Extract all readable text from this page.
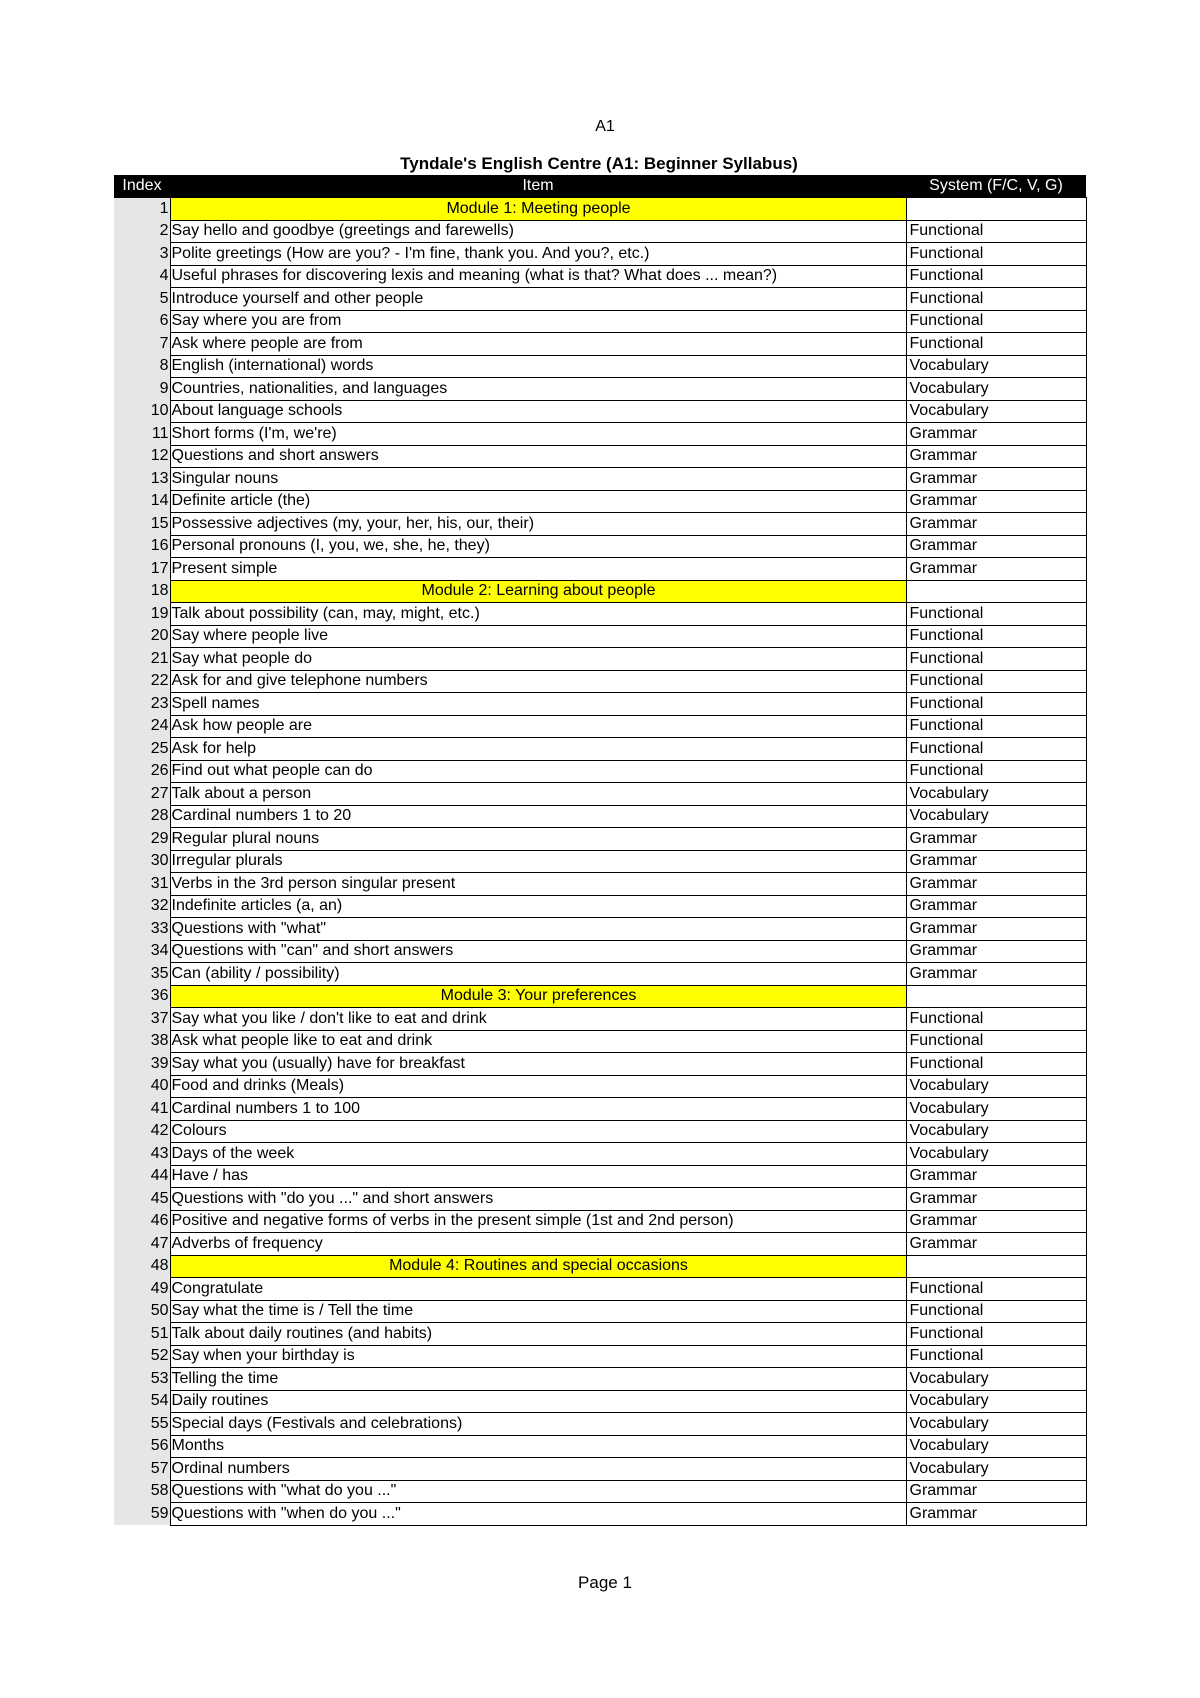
A1
Tyndale's English Centre (A1: Beginner Syllabus)
Index	Item	System (F/C, V, G)
1	Module 1: Meeting people	
2	Say hello and goodbye (greetings and farewells)	Functional
3	Polite greetings (How are you? - I'm fine, thank you. And you?, etc.)	Functional
4	Useful phrases for discovering lexis and meaning (what is that? What does ... mean?)	Functional
5	Introduce yourself and other people	Functional
6	Say where you are from	Functional
7	Ask where people are from	Functional
8	English (international) words	Vocabulary
9	Countries, nationalities, and languages	Vocabulary
10	About language schools	Vocabulary
11	Short forms (I'm, we're)	Grammar
12	Questions and short answers	Grammar
13	Singular nouns	Grammar
14	Definite article (the)	Grammar
15	Possessive adjectives (my, your, her, his, our, their)	Grammar
16	Personal pronouns (I, you, we, she, he, they)	Grammar
17	Present simple	Grammar
18	Module 2: Learning about people	
19	Talk about possibility (can, may, might, etc.)	Functional
20	Say where people live	Functional
21	Say what people do	Functional
22	Ask for and give telephone numbers	Functional
23	Spell names	Functional
24	Ask how people are	Functional
25	Ask for help	Functional
26	Find out what people can do	Functional
27	Talk about a person	Vocabulary
28	Cardinal numbers 1 to 20	Vocabulary
29	Regular plural nouns	Grammar
30	Irregular plurals	Grammar
31	Verbs in the 3rd person singular present	Grammar
32	Indefinite articles (a, an)	Grammar
33	Questions with "what"	Grammar
34	Questions with "can" and short answers	Grammar
35	Can (ability / possibility)	Grammar
36	Module 3: Your preferences	
37	Say what you like / don't like to eat and drink	Functional
38	Ask what people like to eat and drink	Functional
39	Say what you (usually) have for breakfast	Functional
40	Food and drinks (Meals)	Vocabulary
41	Cardinal numbers 1 to 100	Vocabulary
42	Colours	Vocabulary
43	Days of the week	Vocabulary
44	Have / has	Grammar
45	Questions with "do you ..." and short answers	Grammar
46	Positive and negative forms of verbs in the present simple (1st and 2nd person)	Grammar
47	Adverbs of frequency	Grammar
48	Module 4: Routines and special occasions	
49	Congratulate	Functional
50	Say what the time is / Tell the time	Functional
51	Talk about daily routines (and habits)	Functional
52	Say when your birthday is	Functional
53	Telling the time	Vocabulary
54	Daily routines	Vocabulary
55	Special days (Festivals and celebrations)	Vocabulary
56	Months	Vocabulary
57	Ordinal numbers	Vocabulary
58	Questions with "what do you ..."	Grammar
59	Questions with "when do you ..."	Grammar
Page 1
